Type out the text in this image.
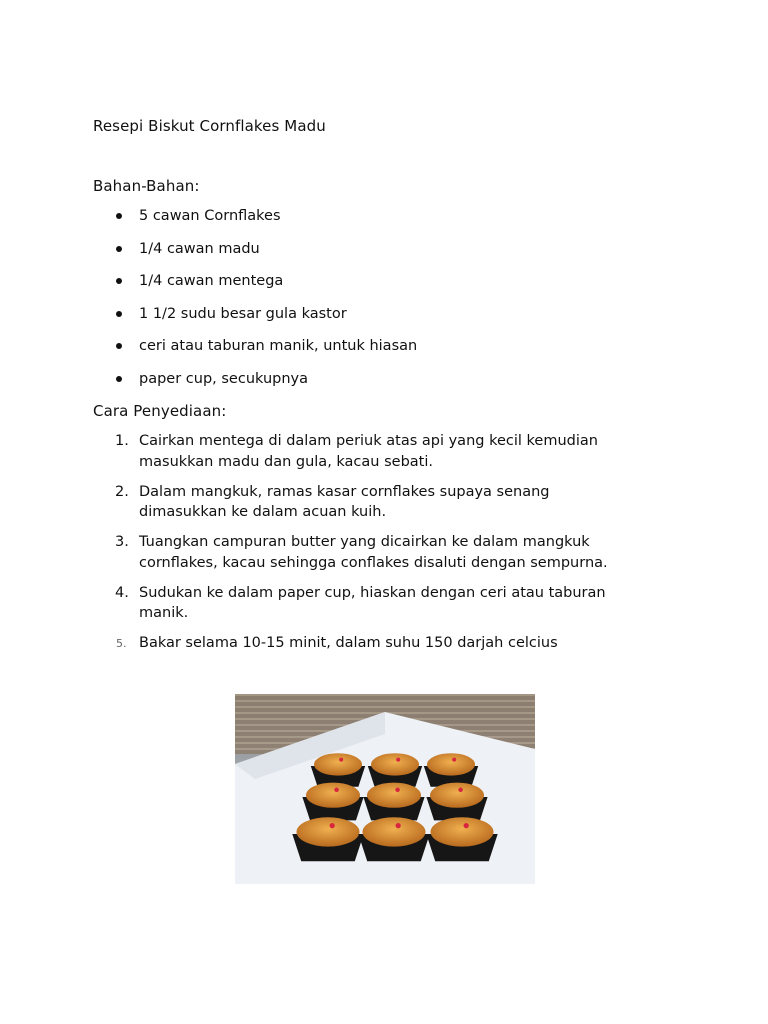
Resepi Biskut Cornflakes Madu
Bahan-Bahan:
5 cawan Cornflakes
1/4 cawan madu
1/4 cawan mentega
1 1/2 sudu besar gula kastor
ceri atau taburan manik, untuk hiasan
paper cup, secukupnya
Cara Penyediaan:
1. Cairkan mentega di dalam periuk atas api yang kecil kemudian
masukkan madu dan gula, kacau sebati.
2. Dalam mangkuk, ramas kasar cornflakes supaya senang
dimasukkan ke dalam acuan kuih.
3. Tuangkan campuran butter yang dicairkan ke dalam mangkuk
cornflakes, kacau sehingga conflakes disaluti dengan sempurna.
4. Sudukan ke dalam paper cup, hiaskan dengan ceri atau taburan
manik.
5. Bakar selama 10-15 minit, dalam suhu 150 darjah celcius
